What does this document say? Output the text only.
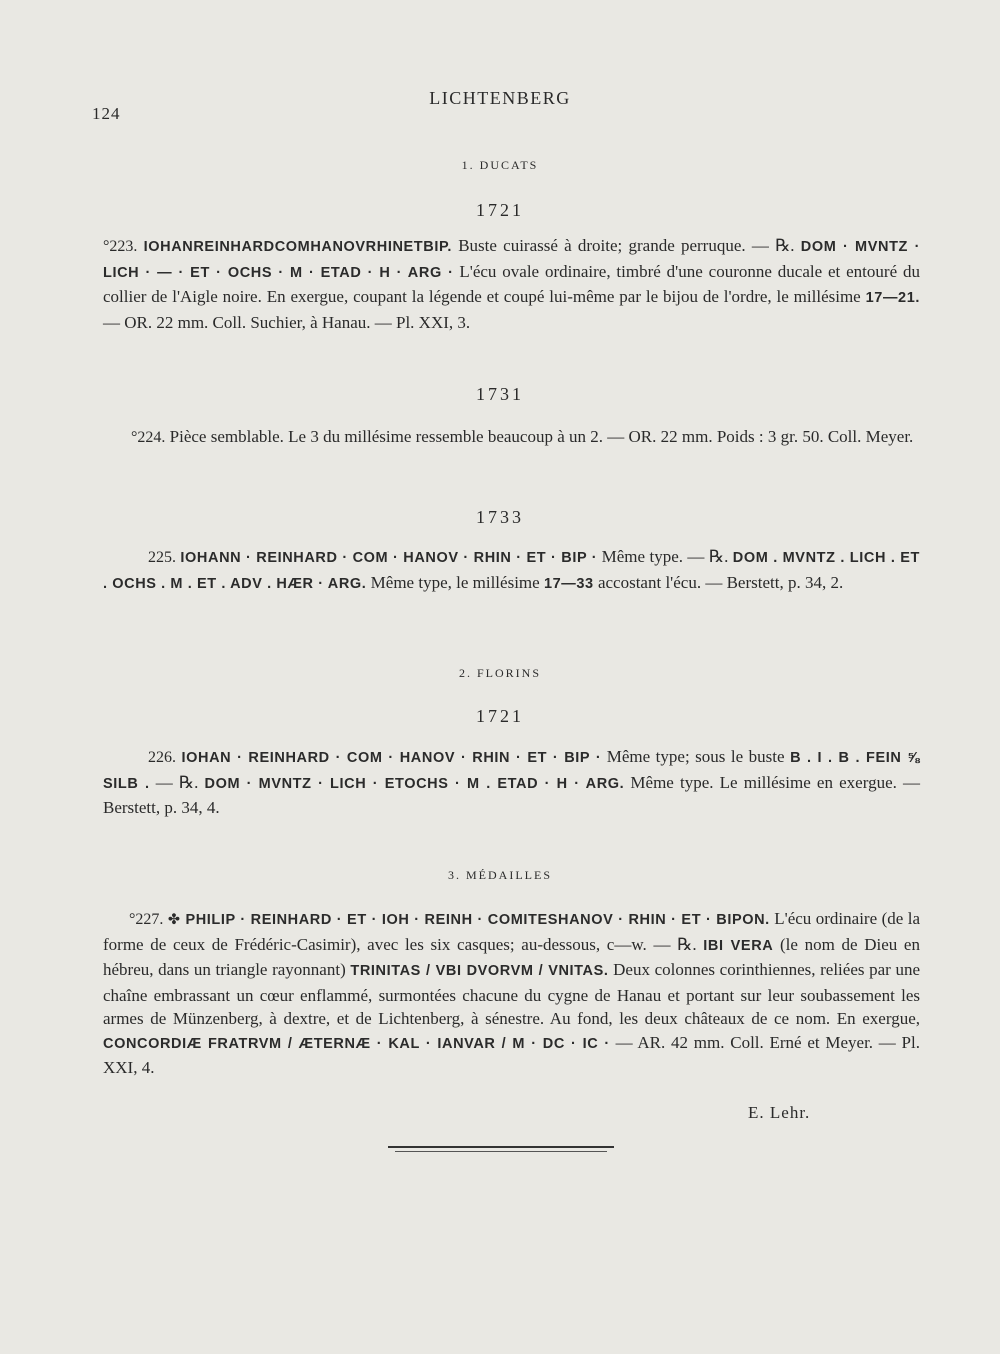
124
LICHTENBERG
1. DUCATS
1721
°223. IOHANREINHARDCOMHANOVRHINETBIP. Buste cuirassé à droite; grande perruque. — ℞. DOM · MVNTZ · LICH · — · ET · OCHS · M · ETAD · H · ARG · L'écu ovale ordinaire, timbré d'une couronne ducale et entouré du collier de l'Aigle noire. En exergue, coupant la légende et coupé lui-même par le bijou de l'ordre, le millésime 17—21. — OR. 22 mm. Coll. Suchier, à Hanau. — Pl. XXI, 3.
1731
°224. Pièce semblable. Le 3 du millésime ressemble beaucoup à un 2. — OR. 22 mm. Poids : 3 gr. 50. Coll. Meyer.
1733
225. IOHANN · REINHARD · COM · HANOV · RHIN · ET · BIP · Même type. — ℞. DOM . MVNTZ . LICH . ET . OCHS . M . ET . ADV . HÆR · ARG. Même type, le millésime 17—33 accostant l'écu. — Berstett, p. 34, 2.
2. FLORINS
1721
226. IOHAN · REINHARD · COM · HANOV · RHIN · ET · BIP · Même type; sous le buste B . I . B . FEIN ⅝ SILB . — ℞. DOM · MVNTZ · LICH · ETOCHS · M . ETAD · H · ARG. Même type. Le millésime en exergue. — Berstett, p. 34, 4.
3. MÉDAILLES
°227. ✤ PHILIP · REINHARD · ET · IOH · REINH · COMITESHANOV · RHIN · ET · BIPON. L'écu ordinaire (de la forme de ceux de Frédéric-Casimir), avec les six casques; au-dessous, c—w. — ℞. IBI VERA (le nom de Dieu en hébreu, dans un triangle rayonnant) TRINITAS / VBI DVORVM / VNITAS. Deux colonnes corinthiennes, reliées par une chaîne embrassant un cœur enflammé, surmontées chacune du cygne de Hanau et portant sur leur soubassement les armes de Münzenberg, à dextre, et de Lichtenberg, à sénestre. Au fond, les deux châteaux de ce nom. En exergue, CONCORDIÆ FRATRVM / ÆTERNÆ · KAL · IANVAR / M · DC · IC · — AR. 42 mm. Coll. Erné et Meyer. — Pl. XXI, 4.
E. Lehr.
